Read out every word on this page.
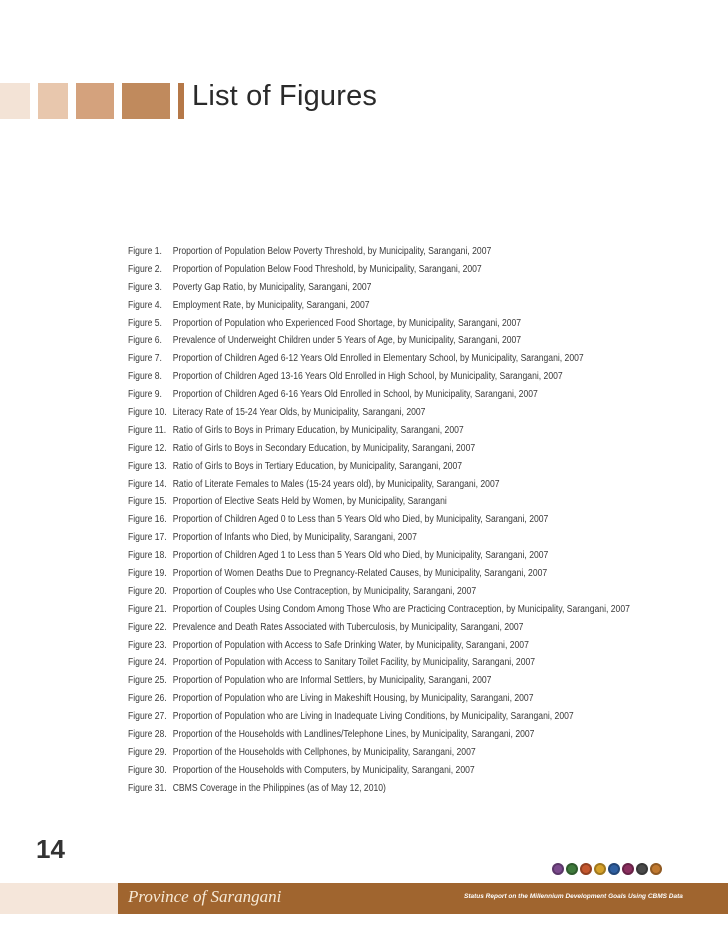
List of Figures
Figure 1.	Proportion of Population Below Poverty Threshold, by Municipality, Sarangani, 2007
Figure 2.	Proportion of Population Below Food Threshold, by Municipality, Sarangani, 2007
Figure 3.	Poverty Gap Ratio, by Municipality, Sarangani, 2007
Figure 4.	Employment Rate, by Municipality, Sarangani, 2007
Figure 5.	Proportion of Population who Experienced Food Shortage, by Municipality, Sarangani, 2007
Figure 6.	Prevalence of Underweight Children under 5 Years of Age, by Municipality, Sarangani, 2007
Figure 7.	Proportion of Children Aged 6-12 Years Old Enrolled in Elementary School, by Municipality, Sarangani, 2007
Figure 8.	Proportion of Children Aged 13-16 Years Old Enrolled in High School, by Municipality, Sarangani, 2007
Figure 9.	Proportion of Children Aged 6-16 Years Old Enrolled in School, by Municipality, Sarangani, 2007
Figure 10. Literacy Rate of 15-24 Year Olds, by Municipality, Sarangani, 2007
Figure 11. Ratio of Girls to Boys in Primary Education, by Municipality, Sarangani, 2007
Figure 12. Ratio of Girls to Boys in Secondary Education, by Municipality, Sarangani, 2007
Figure 13. Ratio of Girls to Boys in Tertiary Education, by Municipality, Sarangani, 2007
Figure 14. Ratio of Literate Females to Males (15-24 years old), by Municipality, Sarangani, 2007
Figure 15. Proportion of Elective Seats Held by Women, by Municipality, Sarangani
Figure 16. Proportion of Children Aged 0 to Less than 5 Years Old who Died, by Municipality, Sarangani, 2007
Figure 17. Proportion of Infants who Died, by Municipality, Sarangani, 2007
Figure 18. Proportion of Children Aged 1 to Less than 5 Years Old who Died, by Municipality, Sarangani, 2007
Figure 19. Proportion of Women Deaths Due to Pregnancy-Related Causes, by Municipality, Sarangani, 2007
Figure 20. Proportion of Couples who Use Contraception, by Municipality, Sarangani, 2007
Figure 21. Proportion of Couples Using Condom Among Those Who are Practicing Contraception, by Municipality, Sarangani, 2007
Figure 22. Prevalence and Death Rates Associated with Tuberculosis, by Municipality, Sarangani, 2007
Figure 23. Proportion of Population with Access to Safe Drinking Water, by Municipality, Sarangani, 2007
Figure 24. Proportion of Population with Access to Sanitary Toilet Facility, by Municipality, Sarangani, 2007
Figure 25. Proportion of Population who are Informal Settlers, by Municipality, Sarangani, 2007
Figure 26. Proportion of Population who are Living in Makeshift Housing, by Municipality, Sarangani, 2007
Figure 27. Proportion of Population who are Living in Inadequate Living Conditions, by Municipality, Sarangani, 2007
Figure 28. Proportion of the Households with Landlines/Telephone Lines, by Municipality, Sarangani, 2007
Figure 29. Proportion of the Households with Cellphones, by Municipality, Sarangani, 2007
Figure 30. Proportion of the Households with Computers, by Municipality, Sarangani, 2007
Figure 31. CBMS Coverage in the Philippines (as of May 12, 2010)
14
Province of Sarangani	Status Report on the Millennium Development Goals Using CBMS Data
